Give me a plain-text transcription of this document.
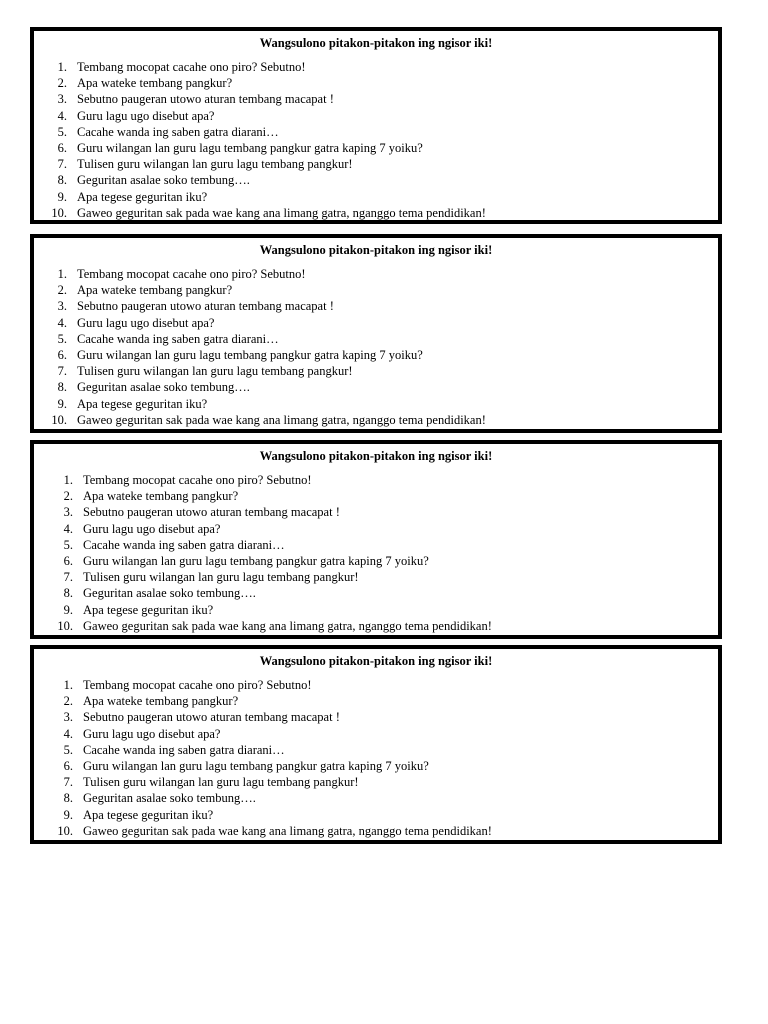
Wangsulono pitakon-pitakon ing ngisor iki!
1. Tembang mocopat cacahe ono piro? Sebutno!
2. Apa wateke tembang pangkur?
3. Sebutno paugeran utowo aturan tembang macapat !
4. Guru lagu ugo disebut apa?
5. Cacahe wanda ing saben gatra diarani…
6. Guru wilangan lan guru lagu tembang pangkur gatra kaping 7 yoiku?
7. Tulisen guru wilangan lan guru lagu tembang pangkur!
8. Geguritan asalae soko tembung….
9. Apa tegese geguritan iku?
10. Gaweo geguritan sak pada wae kang ana limang gatra, nganggo tema pendidikan!
Wangsulono pitakon-pitakon ing ngisor iki!
1. Tembang mocopat cacahe ono piro? Sebutno!
2. Apa wateke tembang pangkur?
3. Sebutno paugeran utowo aturan tembang macapat !
4. Guru lagu ugo disebut apa?
5. Cacahe wanda ing saben gatra diarani…
6. Guru wilangan lan guru lagu tembang pangkur gatra kaping 7 yoiku?
7. Tulisen guru wilangan lan guru lagu tembang pangkur!
8. Geguritan asalae soko tembung….
9. Apa tegese geguritan iku?
10. Gaweo geguritan sak pada wae kang ana limang gatra, nganggo tema pendidikan!
Wangsulono pitakon-pitakon ing ngisor iki!
1. Tembang mocopat cacahe ono piro? Sebutno!
2. Apa wateke tembang pangkur?
3. Sebutno paugeran utowo aturan tembang macapat !
4. Guru lagu ugo disebut apa?
5. Cacahe wanda ing saben gatra diarani…
6. Guru wilangan lan guru lagu tembang pangkur gatra kaping 7 yoiku?
7. Tulisen guru wilangan lan guru lagu tembang pangkur!
8. Geguritan asalae soko tembung….
9. Apa tegese geguritan iku?
10. Gaweo geguritan sak pada wae kang ana limang gatra, nganggo tema pendidikan!
Wangsulono pitakon-pitakon ing ngisor iki!
1. Tembang mocopat cacahe ono piro? Sebutno!
2. Apa wateke tembang pangkur?
3. Sebutno paugeran utowo aturan tembang macapat !
4. Guru lagu ugo disebut apa?
5. Cacahe wanda ing saben gatra diarani…
6. Guru wilangan lan guru lagu tembang pangkur gatra kaping 7 yoiku?
7. Tulisen guru wilangan lan guru lagu tembang pangkur!
8. Geguritan asalae soko tembung….
9. Apa tegese geguritan iku?
10. Gaweo geguritan sak pada wae kang ana limang gatra, nganggo tema pendidikan!
